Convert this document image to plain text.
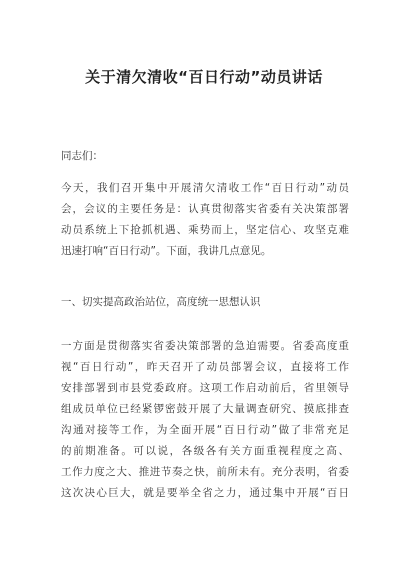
关于清欠清收“百日行动”动员讲话
同志们：
今天，我们召开集中开展清欠清收工作“百日行动”动员
会，会议的主要任务是：认真贯彻落实省委有关决策部署
动员系统上下抢抓机遇、乘势而上，坚定信心、攻坚克难
迅速打响“百日行动”。下面，我讲几点意见。
一、切实提高政治站位，高度统一思想认识
一方面是贯彻落实省委决策部署的急迫需要。省委高度重
视“百日行动”，昨天召开了动员部署会议，直接将工作
安排部署到市县党委政府。这项工作启动前后，省里领导
组成员单位已经紧锣密鼓开展了大量调查研究、摸底排查
沟通对接等工作，为全面开展“百日行动”做了非常充足
的前期准备。可以说，各级各有关方面重视程度之高、
工作力度之大、推进节奏之快，前所未有。充分表明，省委
这次决心巨大，就是要举全省之力，通过集中开展“百日
